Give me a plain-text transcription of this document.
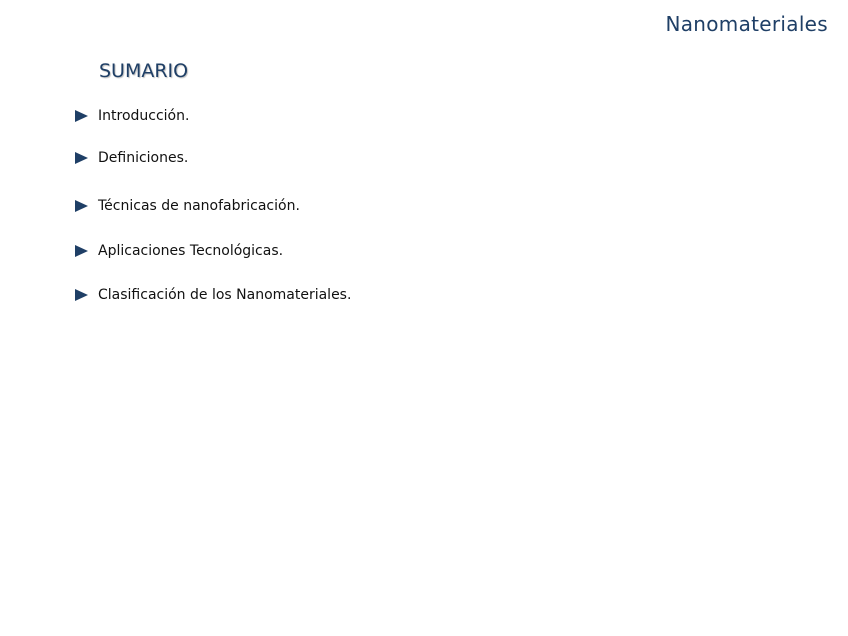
Nanomateriales
SUMARIO
Introducción.
Definiciones.
Técnicas de nanofabricación.
Aplicaciones Tecnológicas.
Clasificación de los Nanomateriales.
